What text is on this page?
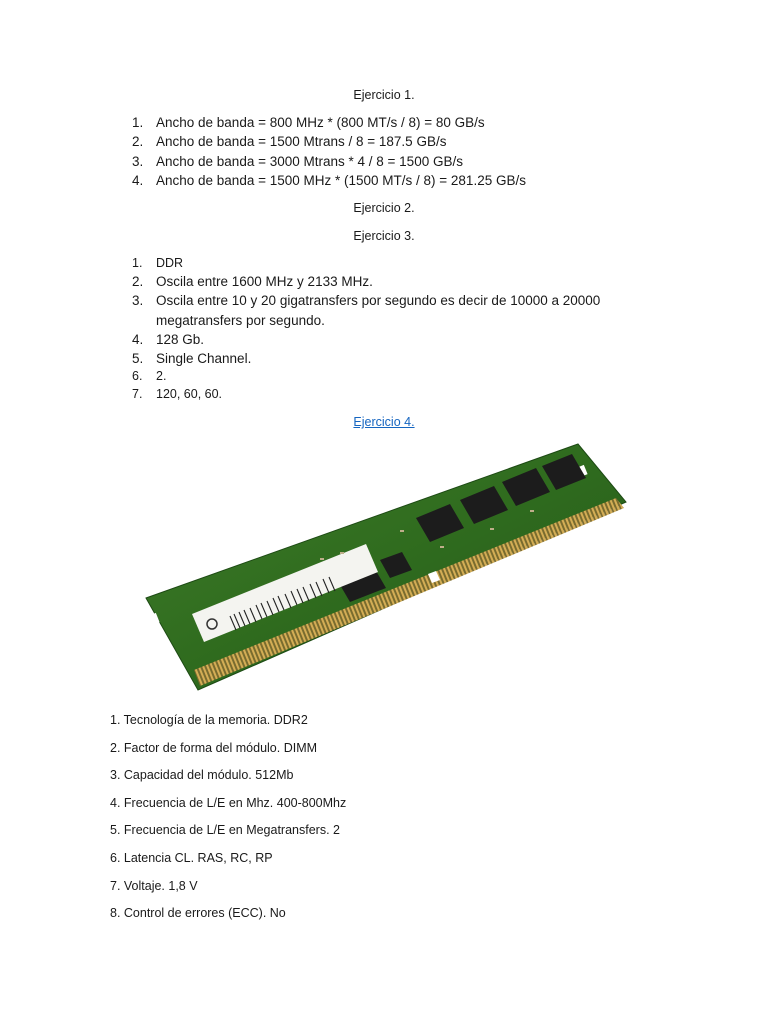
Ejercicio 1.
1. Ancho de banda = 800 MHz * (800 MT/s / 8) = 80 GB/s
2. Ancho de banda = 1500 Mtrans / 8 = 187.5 GB/s
3. Ancho de banda = 3000 Mtrans * 4 / 8 = 1500 GB/s
4. Ancho de banda = 1500 MHz * (1500 MT/s / 8) = 281.25 GB/s
Ejercicio 2.
Ejercicio 3.
1. DDR
2. Oscila entre 1600 MHz y 2133 MHz.
3. Oscila entre 10 y 20 gigatransfers por segundo es decir de 10000 a 20000 megatransfers por segundo.
4. 128 Gb.
5. Single Channel.
6. 2.
7. 120, 60, 60.
Ejercicio 4.
1. Tecnología de la memoria. DDR2
2. Factor de forma del módulo. DIMM
3. Capacidad del módulo. 512Mb
4. Frecuencia de L/E en Mhz. 400-800Mhz
5. Frecuencia de L/E en Megatransfers. 2
6. Latencia CL. RAS, RC, RP
7. Voltaje. 1,8 V
8. Control de errores (ECC). No
